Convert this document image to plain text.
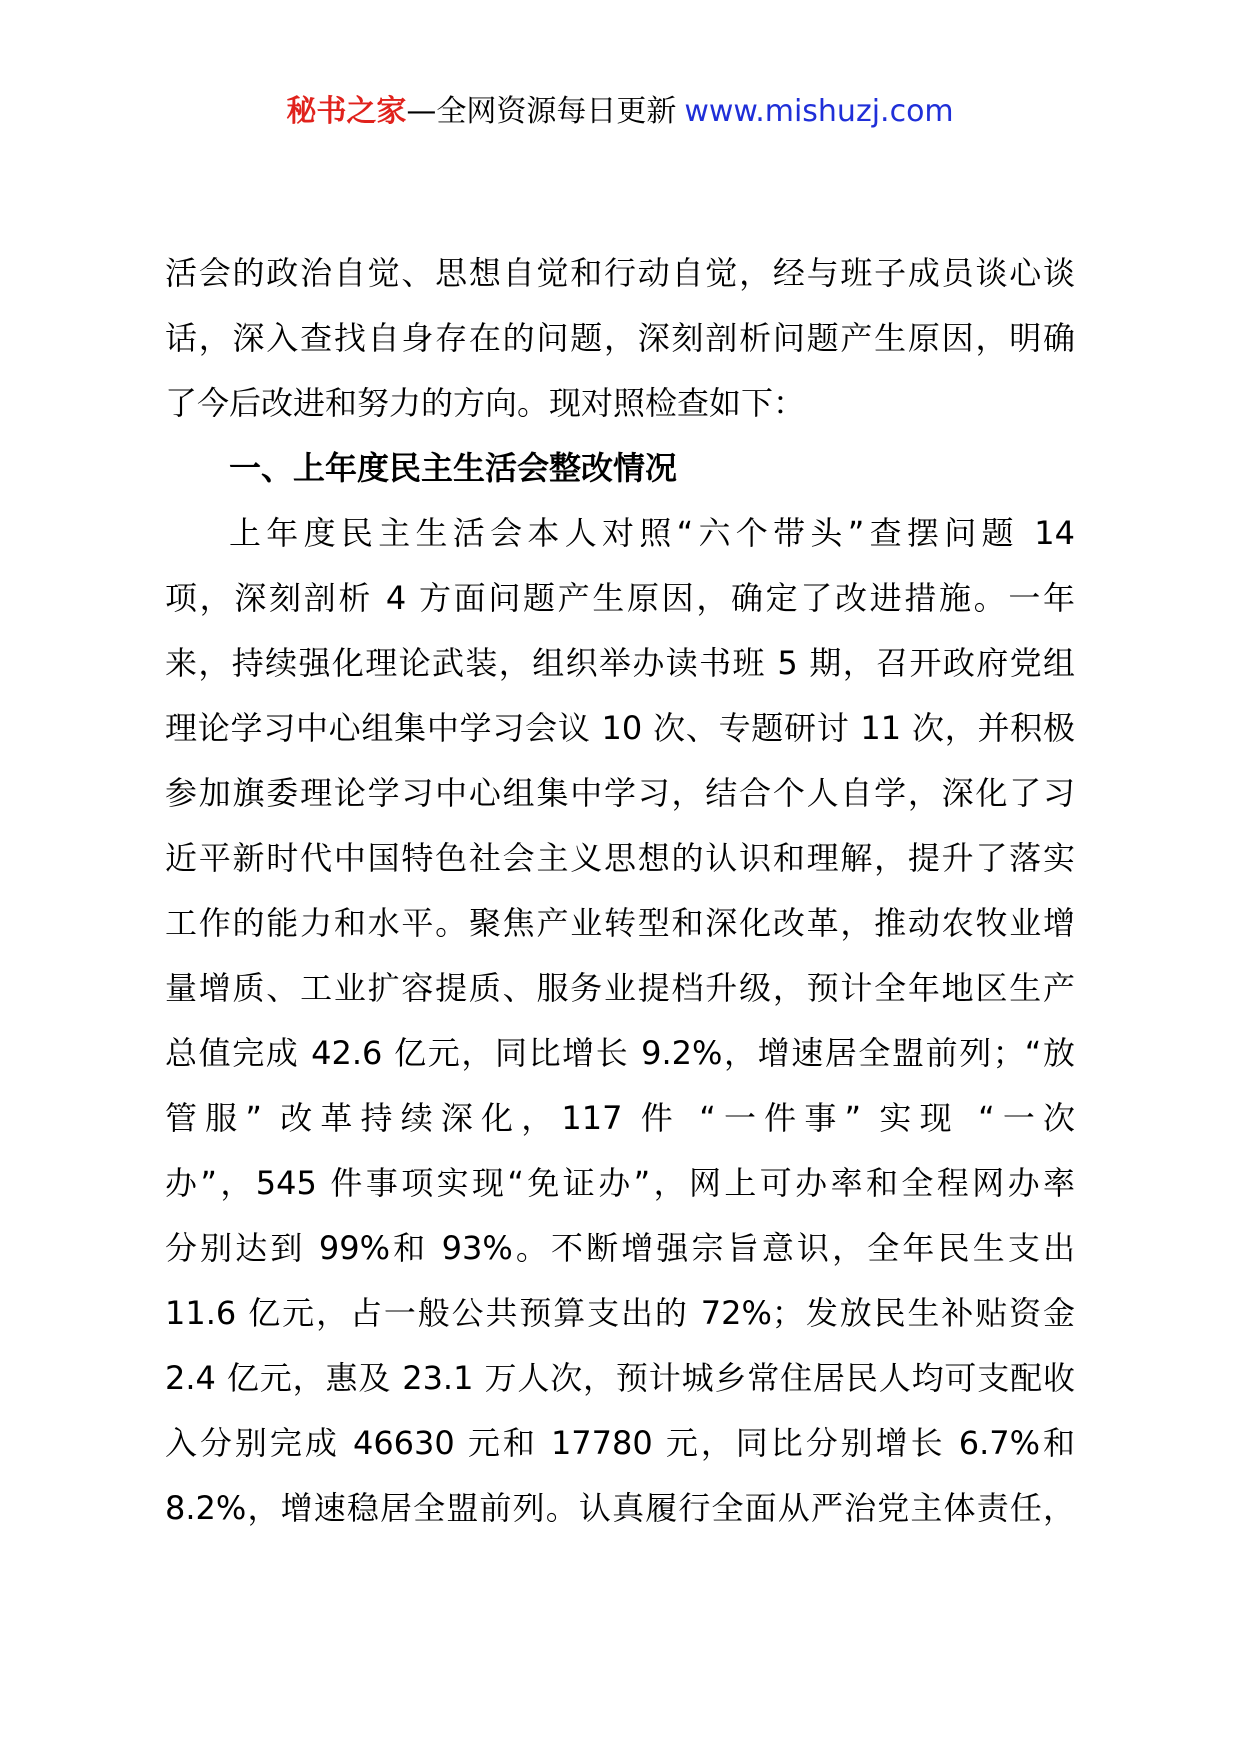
秘书之家—全网资源每日更新 www.mishuzj.com
活会的政治自觉、思想自觉和行动自觉，经与班子成员谈心谈
话，深入查找自身存在的问题，深刻剖析问题产生原因，明确
了今后改进和努力的方向。现对照检查如下：
一、上年度民主生活会整改情况
上年度民主生活会本人对照“六个带头”查摆问题 14
项，深刻剖析 4 方面问题产生原因，确定了改进措施。一年
来，持续强化理论武装，组织举办读书班 5 期，召开政府党组
理论学习中心组集中学习会议 10 次、专题研讨 11 次，并积极
参加旗委理论学习中心组集中学习，结合个人自学，深化了习
近平新时代中国特色社会主义思想的认识和理解，提升了落实
工作的能力和水平。聚焦产业转型和深化改革，推动农牧业增
量增质、工业扩容提质、服务业提档升级，预计全年地区生产
总值完成 42.6 亿元，同比增长 9.2%，增速居全盟前列；“放
管服” 改革持续深化，117 件 “一件事” 实现 “一次
办”，545 件事项实现“免证办”，网上可办率和全程网办率
分别达到 99%和 93%。不断增强宗旨意识，全年民生支出
11.6 亿元，占一般公共预算支出的 72%；发放民生补贴资金
2.4 亿元，惠及 23.1 万人次，预计城乡常住居民人均可支配收
入分别完成 46630 元和 17780 元，同比分别增长 6.7%和
8.2%，增速稳居全盟前列。认真履行全面从严治党主体责任，
